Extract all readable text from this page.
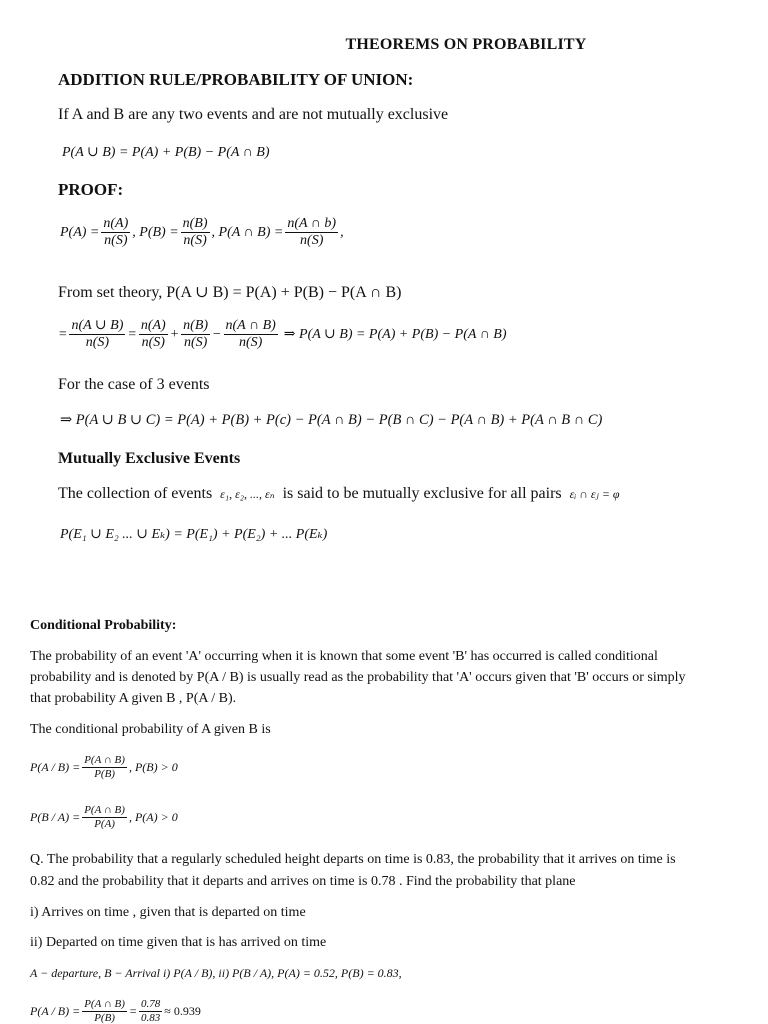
THEOREMS ON PROBABILITY
ADDITION RULE/PROBABILITY OF UNION:
If A and B are any two events and are not mutually exclusive
P(A ∪ B) = P(A) + P(B) − P(A ∩ B)
PROOF:
$P(A) = \frac{n(A)}{n(S)}$ , $P(B) = \frac{n(B)}{n(S)}$ , P(A ∩ $B) = \frac{n(A \cap b)}{n(S)}$ ,
From set theory, P(A ∪ B) = P(A) + P(B) − P(A ∩ B)
= $\frac{n(A \cup B)}{n(S)} = \frac{n(A)}{n(S)} + \frac{n(B)}{n(S)} - \frac{n(A \cap B)}{n(S)}$ ⇒ P(A ∪ B) = P(A) + P(B) − P(A ∩ B)
For the case of 3 events
⇒ P(A ∪ B ∪ C) = P(A) + P(B) + P(c) − P(A ∩ B) − P(B ∩ C) − P(A ∩ B) + P(A ∩ B ∩ C)
Mutually Exclusive Events
The collection of events ε₁, ε₂, ..., εₙ is said to be mutually exclusive for all pairs εᵢ ∩ εⱼ = φ
P(E₁ ∪ E₂ ... ∪ Eₖ) = P(E₁) + P(E₂) + ... P(Eₖ)
Conditional Probability:
The probability of an event 'A' occurring when it is known that some event 'B' has occurred is called conditional
probability and is denoted by P(A / B) is usually read as the probability that 'A' occurs given that 'B' occurs or simply
that probability A given B , P(A / B).
The conditional probability of A given B is
$P(A / B) = \frac{P(A \cap B)}{P(B)}$ , P(B) > 0
$P(B / A) = \frac{P(A \cap B)}{P(A)}$ , P(A) > 0
Q. The probability that a regularly scheduled height departs on time is 0.83, the probability that it arrives on time is
0.82 and the probability that it departs and arrives on time is 0.78 . Find the probability that plane
i) Arrives on time , given that is departed on time
ii) Departed on time given that is has arrived on time
A − departure, B − Arrival i) P(A / B), ii) P(B / A), P(A) = 0.52, P(B) = 0.83,
$P(A / B) = \frac{P(A \cap B)}{P(B)} = \frac{0.78}{0.83} \approx 0.939$
